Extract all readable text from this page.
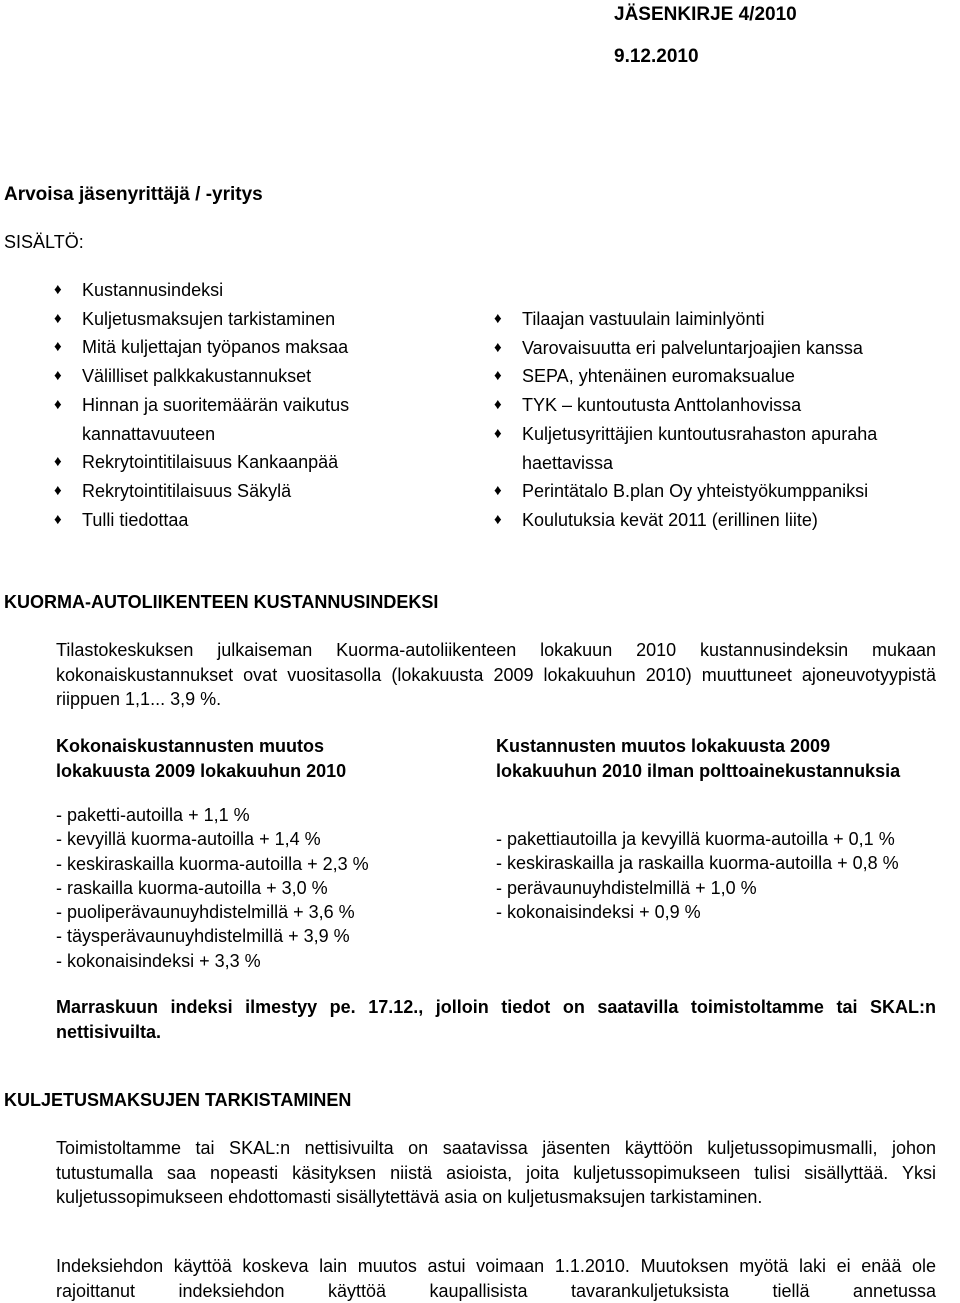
JÄSENKIRJE 4/2010
9.12.2010
Arvoisa jäsenyrittäjä / -yritys
SISÄLTÖ:
♦ Kustannusindeksi
♦ Kuljetusmaksujen tarkistaminen
♦ Mitä kuljettajan työpanos maksaa
♦ Välilliset palkkakustannukset
♦ Hinnan ja suoritemäärän vaikutus kannattavuuteen
♦ Rekrytointitilaisuus Kankaanpää
♦ Rekrytointitilaisuus Säkylä
♦ Tulli tiedottaa
♦ Tilaajan vastuulain laiminlyönti
♦ Varovaisuutta eri palveluntarjoajien kanssa
♦ SEPA, yhtenäinen euromaksualue
♦ TYK – kuntoutusta Anttolanhovissa
♦ Kuljetusyrittäjien kuntoutusrahaston apuraha haettavissa
♦ Perintätalo B.plan Oy yhteistyökumppaniksi
♦ Koulutuksia kevät 2011 (erillinen liite)
KUORMA-AUTOLIIKENTEEN KUSTANNUSINDEKSI
Tilastokeskuksen julkaiseman Kuorma-autoliikenteen lokakuun 2010 kustannusindeksin mukaan kokonaiskustannukset ovat vuositasolla (lokakuusta 2009 lokakuuhun 2010) muuttuneet ajoneuvotyypistä riippuen 1,1... 3,9 %.
Kokonaiskustannusten muutos
lokakuusta 2009 lokakuuhun 2010
Kustannusten muutos lokakuusta 2009
lokakuuhun 2010 ilman polttoainekustannuksia
- paketti-autoilla + 1,1 %
- kevyillä kuorma-autoilla + 1,4 %
- keskiraskailla kuorma-autoilla + 2,3 %
- raskailla kuorma-autoilla + 3,0 %
- puoliperävaunuyhdistelmillä + 3,6 %
- täysperävaunuyhdistelmillä + 3,9 %
- kokonaisindeksi + 3,3 %
- pakettiautoilla ja kevyillä kuorma-autoilla + 0,1 %
- keskiraskailla ja raskailla kuorma-autoilla + 0,8 %
- perävaunuyhdistelmillä + 1,0 %
- kokonaisindeksi + 0,9 %
Marraskuun indeksi ilmestyy pe. 17.12., jolloin tiedot on saatavilla toimistoltamme tai SKAL:n nettisivuilta.
KULJETUSMAKSUJEN TARKISTAMINEN
Toimistoltamme tai SKAL:n nettisivuilta on saatavissa jäsenten käyttöön kuljetussopimusmalli, johon tutustumalla saa nopeasti käsityksen niistä asioista, joita kuljetussopimukseen tulisi sisällyttää. Yksi kuljetussopimukseen ehdottomasti sisällytettävä asia on kuljetusmaksujen tarkistaminen.
Indeksiehdon käyttöä koskeva lain muutos astui voimaan 1.1.2010. Muutoksen myötä laki ei enää ole rajoittanut indeksiehdon käyttöä kaupallisista tavarankuljetuksista tiellä annetussa
